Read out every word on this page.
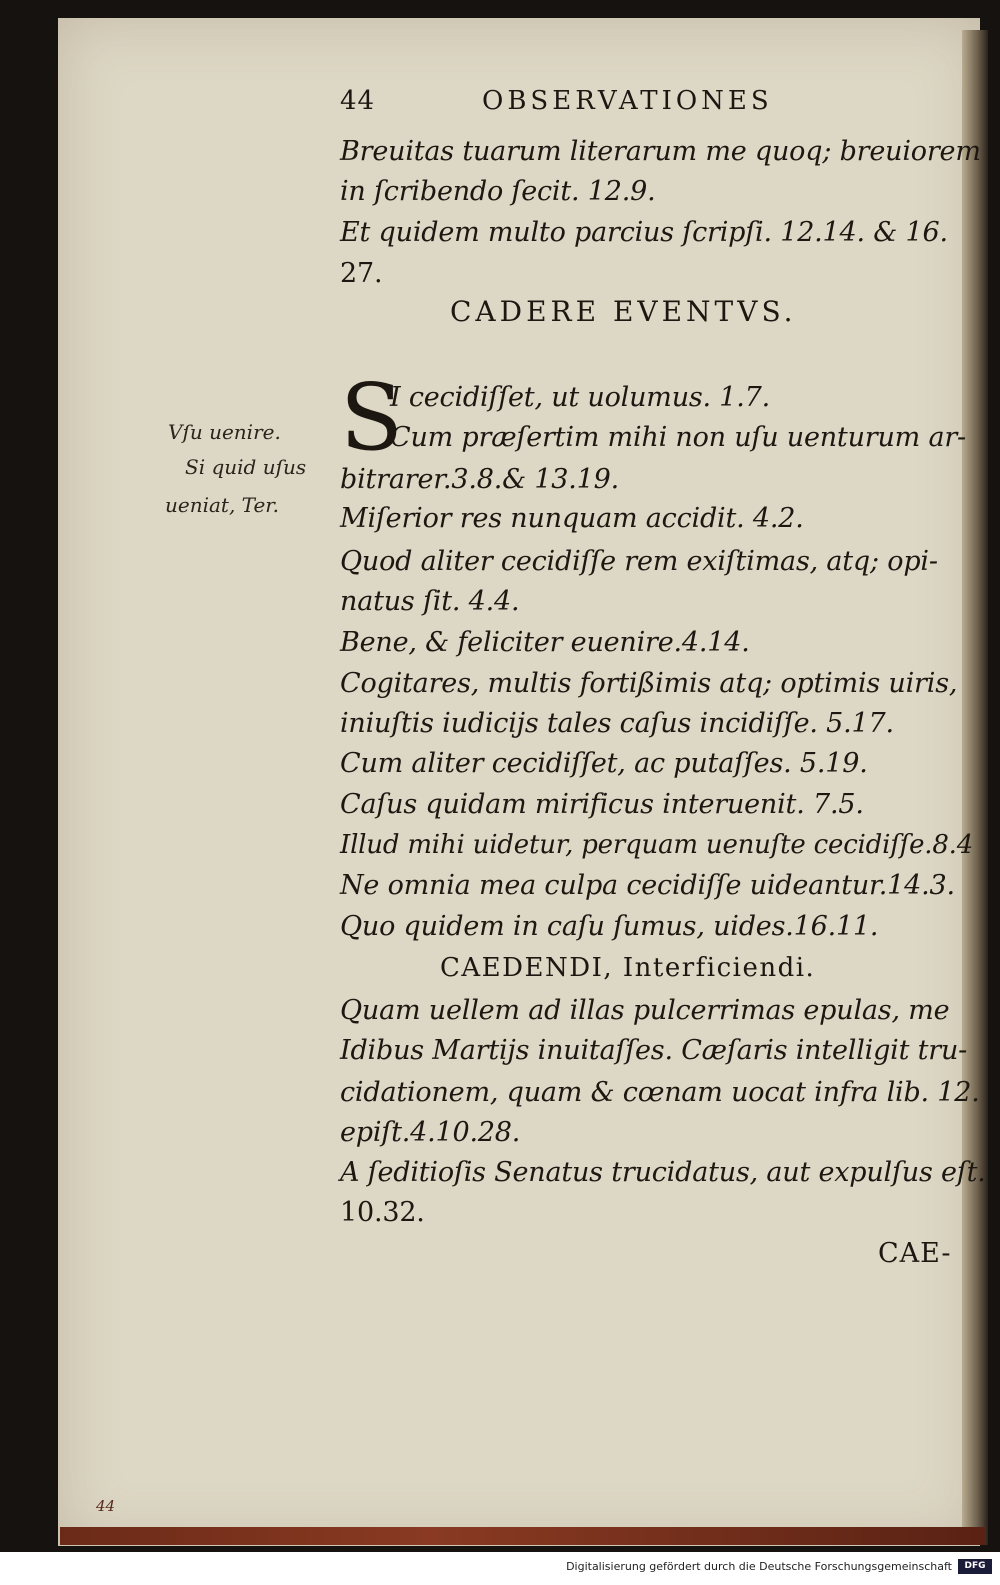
44	OBSERVATIONES
Breuitas tuarum literarum me quoq; breuiorem
in ſcribendo ſecit. 12.9.
Et quidem multo parcius ſcripſi. 12.14. & 16.
27.
CADERE EVENTVS.
S
I cecidiſſet, ut uolumus. 1.7.
Cum præſertim mihi non uſu uenturum ar-
Vſu uenire.
Si quid uſus
ueniat, Ter.
bitrarer.3.8.& 13.19.
Miſerior res nunquam accidit. 4.2.
Quod aliter cecidiſſe rem exiſtimas, atq; opi-
natus ſit. 4.4.
Bene, & feliciter euenire.4.14.
Cogitares, multis fortißimis atq; optimis uiris,
iniuſtis iudicijs tales caſus incidiſſe. 5.17.
Cum aliter cecidiſſet, ac putaſſes. 5.19.
Caſus quidam mirificus interuenit. 7.5.
Illud mihi uidetur, perquam uenuſte cecidiſſe.8.4
Ne omnia mea culpa cecidiſſe uideantur.14.3.
Quo quidem in caſu ſumus, uides.16.11.
CAEDENDI, Interficiendi.
Quam uellem ad illas pulcerrimas epulas, me
Idibus Martijs inuitaſſes. Cæſaris intelligit tru-
cidationem, quam & cœnam uocat infra lib. 12.
epiſt.4.10.28.
A ſeditioſis Senatus trucidatus, aut expulſus eſt.
10.32.
CAE-
44
Digitalisierung gefördert durch die Deutsche Forschungsgemeinschaft	DFG
